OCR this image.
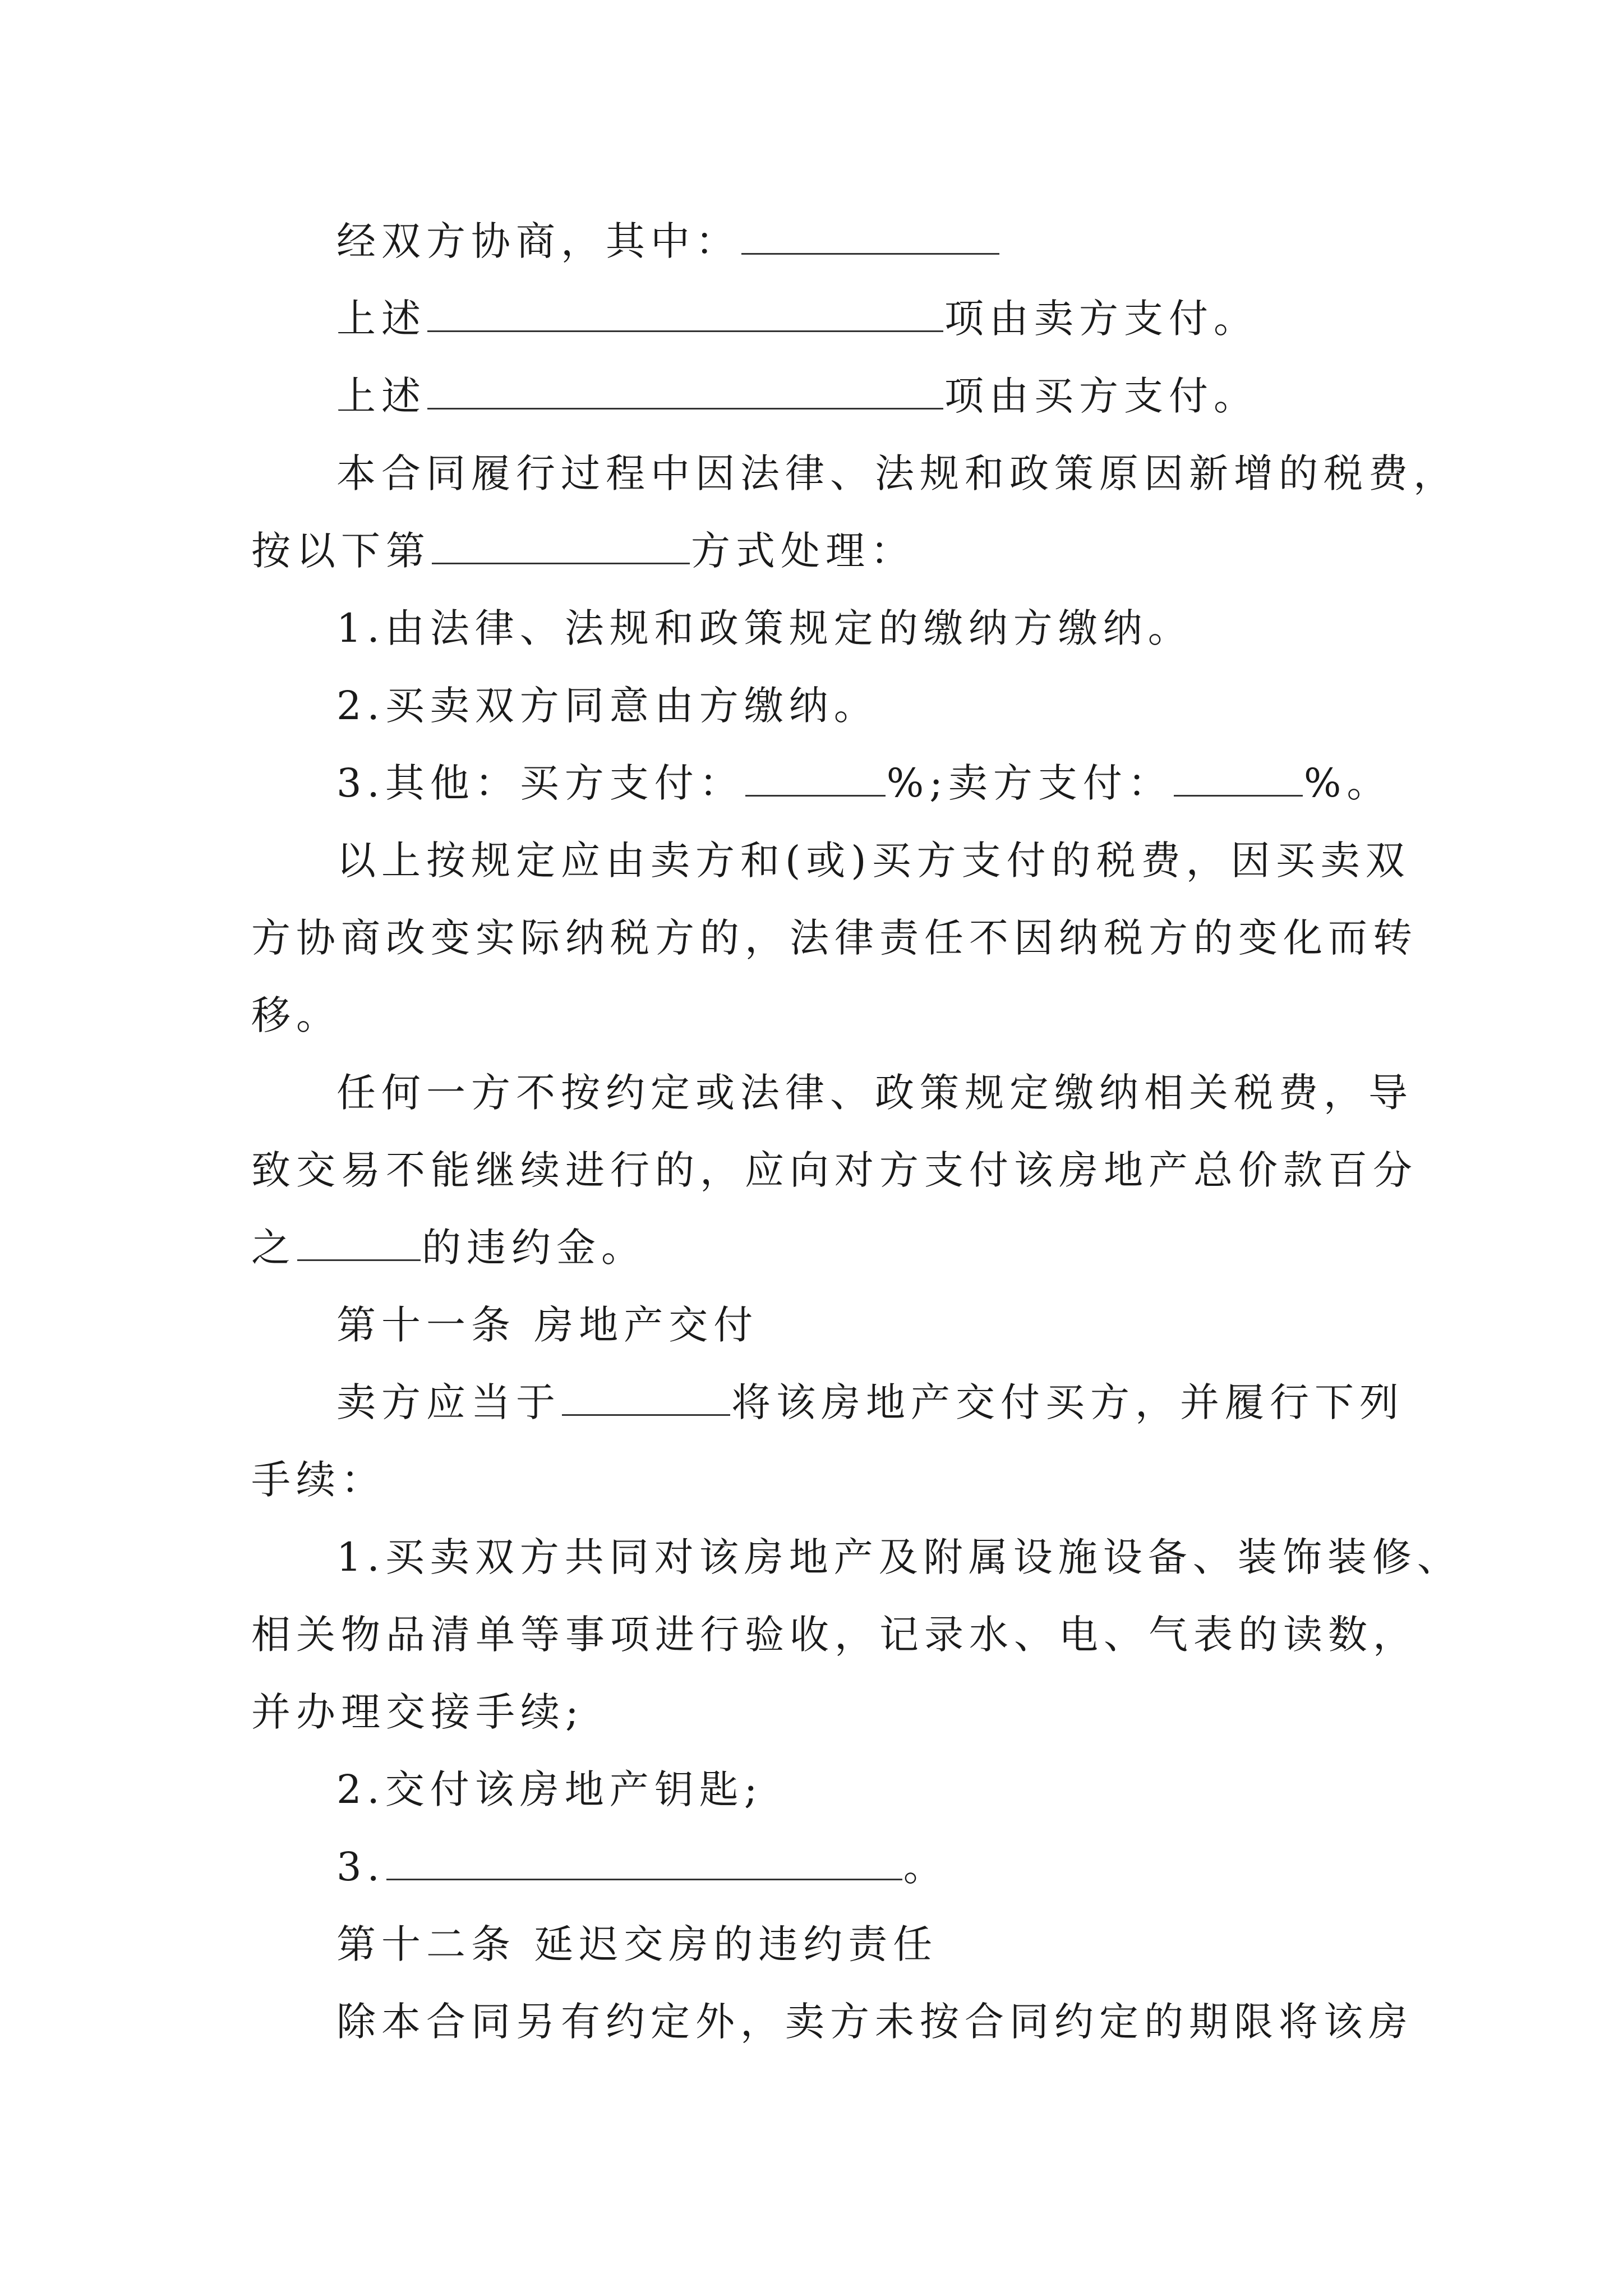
经双方协商，其中：
上述	项由卖方支付。
上述	项由买方支付。
本合同履行过程中因法律、法规和政策原因新增的税费，
按以下第	方式处理：
1.由法律、法规和政策规定的缴纳方缴纳。
2.买卖双方同意由方缴纳。
3.其他：买方支付：	%;卖方支付：	%。
以上按规定应由卖方和(或)买方支付的税费，因买卖双
方协商改变实际纳税方的，法律责任不因纳税方的变化而转
移。
任何一方不按约定或法律、政策规定缴纳相关税费，导
致交易不能继续进行的，应向对方支付该房地产总价款百分
之	的违约金。
第十一条 房地产交付
卖方应当于	将该房地产交付买方，并履行下列
手续：
1.买卖双方共同对该房地产及附属设施设备、装饰装修、
相关物品清单等事项进行验收，记录水、电、气表的读数，
并办理交接手续;
2.交付该房地产钥匙;
3.	。
第十二条 延迟交房的违约责任
除本合同另有约定外，卖方未按合同约定的期限将该房
